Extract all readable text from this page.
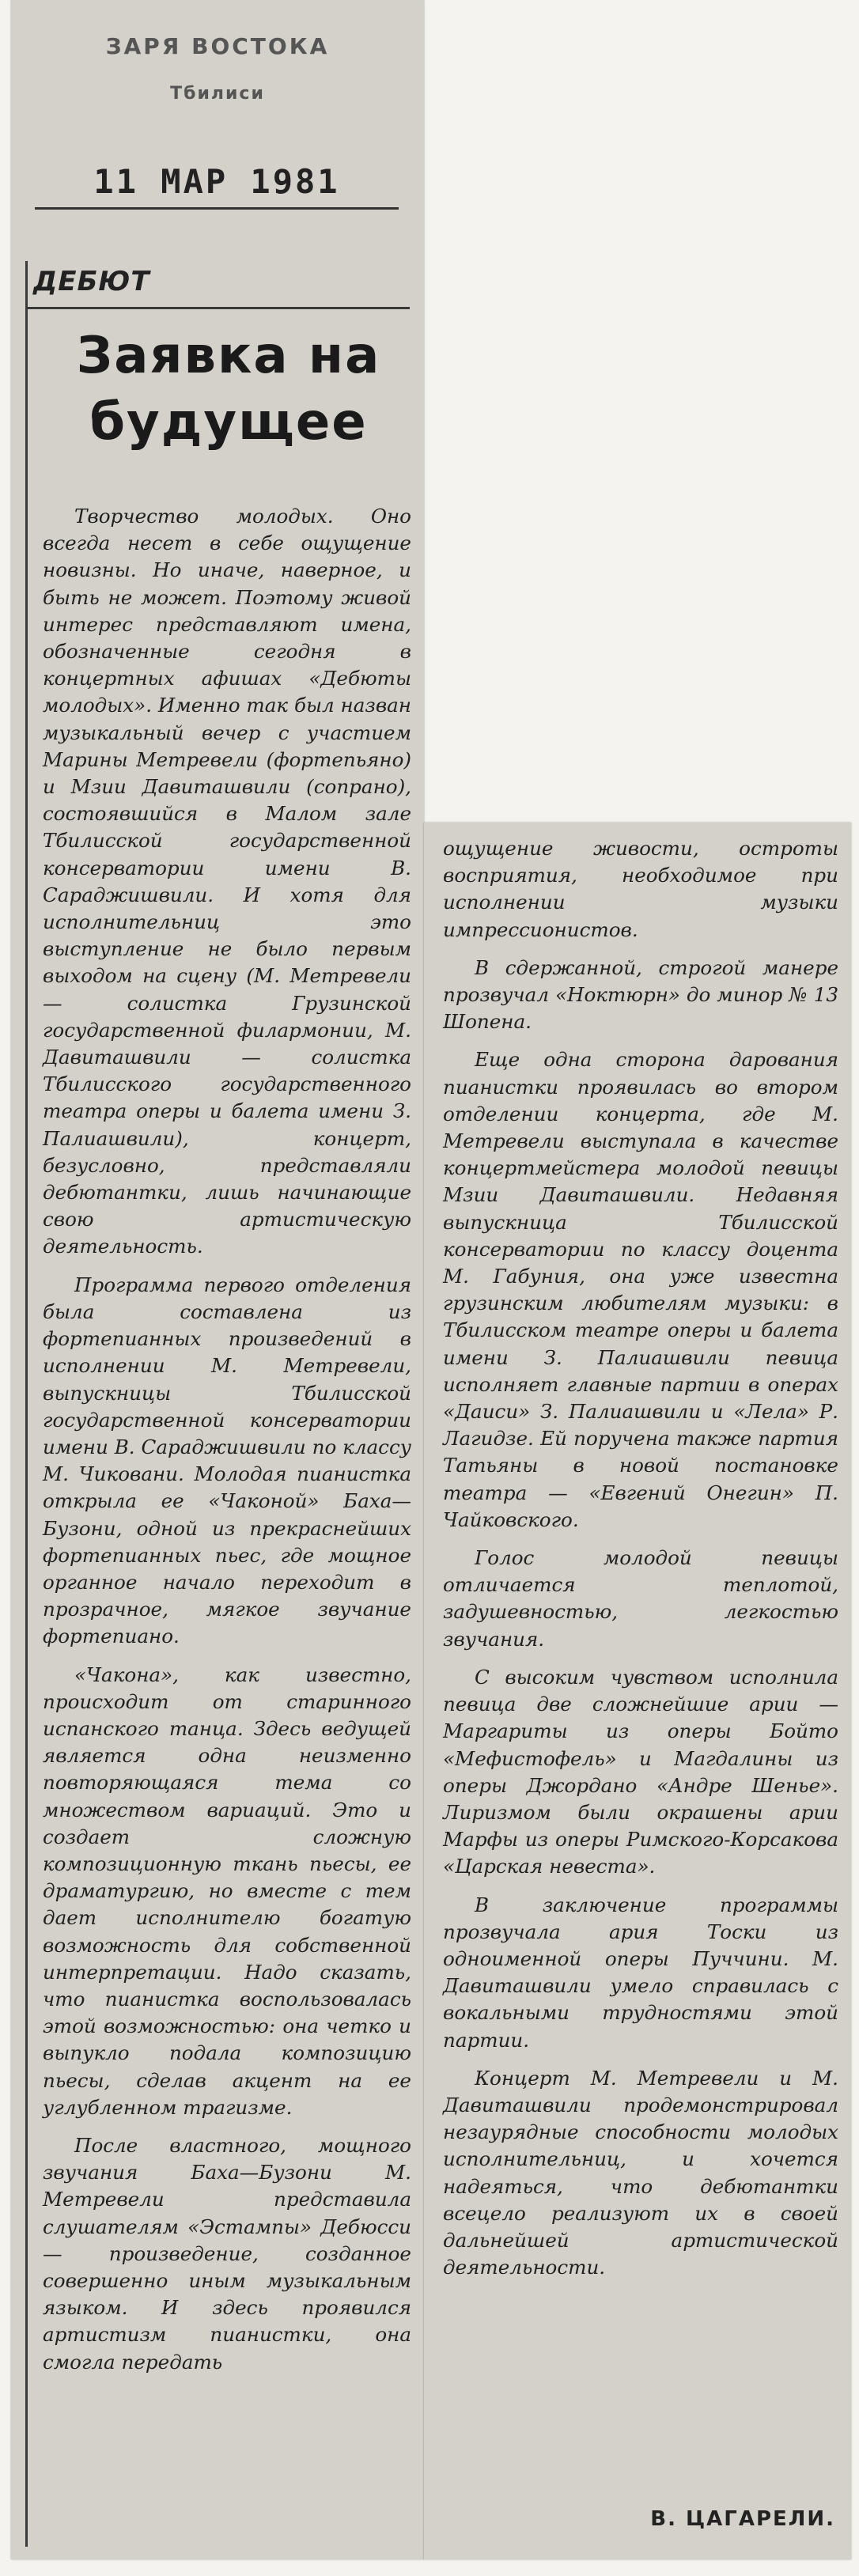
ЗАРЯ ВОСТОКА
Тбилиси
11 МАР 1981
ДЕБЮТ
Заявка на будущее

Творчество молодых. Оно всегда несет в себе ощущение новизны. Но иначе, наверное, и быть не может. Поэтому живой интерес представляют имена, обозначенные сегодня в концертных афишах «Дебюты молодых». Именно так был назван музыкальный вечер с участием Марины Метревели (фортепьяно) и Мзии Давиташвили (сопрано), состоявшийся в Малом зале Тбилисской государственной консерватории имени В. Сараджишвили. И хотя для исполнительниц это выступление не было первым выходом на сцену (М. Метревели — солистка Грузинской государственной филармонии, М. Давиташвили — солистка Тбилисского государственного театра оперы и балета имени З. Палиашвили), концерт, безусловно, представляли дебютантки, лишь начинающие свою артистическую деятельность.

Программа первого отделения была составлена из фортепианных произведений в исполнении М. Метревели, выпускницы Тбилисской государственной консерватории имени В. Сараджишвили по классу М. Чиковани. Молодая пианистка открыла ее «Чаконой» Баха—Бузони, одной из прекраснейших фортепианных пьес, где мощное органное начало переходит в прозрачное, мягкое звучание фортепиано.

«Чакона», как известно, происходит от старинного испанского танца. Здесь ведущей является одна неизменно повторяющаяся тема со множеством вариаций. Это и создает сложную композиционную ткань пьесы, ее драматургию, но вместе с тем дает исполнителю богатую возможность для собственной интерпретации. Надо сказать, что пианистка воспользовалась этой возможностью: она четко и выпукло подала композицию пьесы, сделав акцент на ее углубленном трагизме.

После властного, мощного звучания Баха—Бузони М. Метревели представила слушателям «Эстампы» Дебюсси — произведение, созданное совершенно иным музыкальным языком. И здесь проявился артистизм пианистки, она смогла передать

ощущение живости, остроты восприятия, необходимое при исполнении музыки импрессионистов.

В сдержанной, строгой манере прозвучал «Ноктюрн» до минор № 13 Шопена.

Еще одна сторона дарования пианистки проявилась во втором отделении концерта, где М. Метревели выступала в качестве концертмейстера молодой певицы Мзии Давиташвили. Недавняя выпускница Тбилисской консерватории по классу доцента М. Габуния, она уже известна грузинским любителям музыки: в Тбилисском театре оперы и балета имени З. Палиашвили певица исполняет главные партии в операх «Даиси» З. Палиашвили и «Лела» Р. Лагидзе. Ей поручена также партия Татьяны в новой постановке театра — «Евгений Онегин» П. Чайковского.

Голос молодой певицы отличается теплотой, задушевностью, легкостью звучания.

С высоким чувством исполнила певица две сложнейшие арии — Маргариты из оперы Бойто «Мефистофель» и Магдалины из оперы Джордано «Андре Шенье». Лиризмом были окрашены арии Марфы из оперы Римского-Корсакова «Царская невеста».

В заключение программы прозвучала ария Тоски из одноименной оперы Пуччини. М. Давиташвили умело справилась с вокальными трудностями этой партии.

Концерт М. Метревели и М. Давиташвили продемонстрировал незаурядные способности молодых исполнительниц, и хочется надеяться, что дебютантки всецело реализуют их в своей дальнейшей артистической деятельности.

В. ЦАГАРЕЛИ.
